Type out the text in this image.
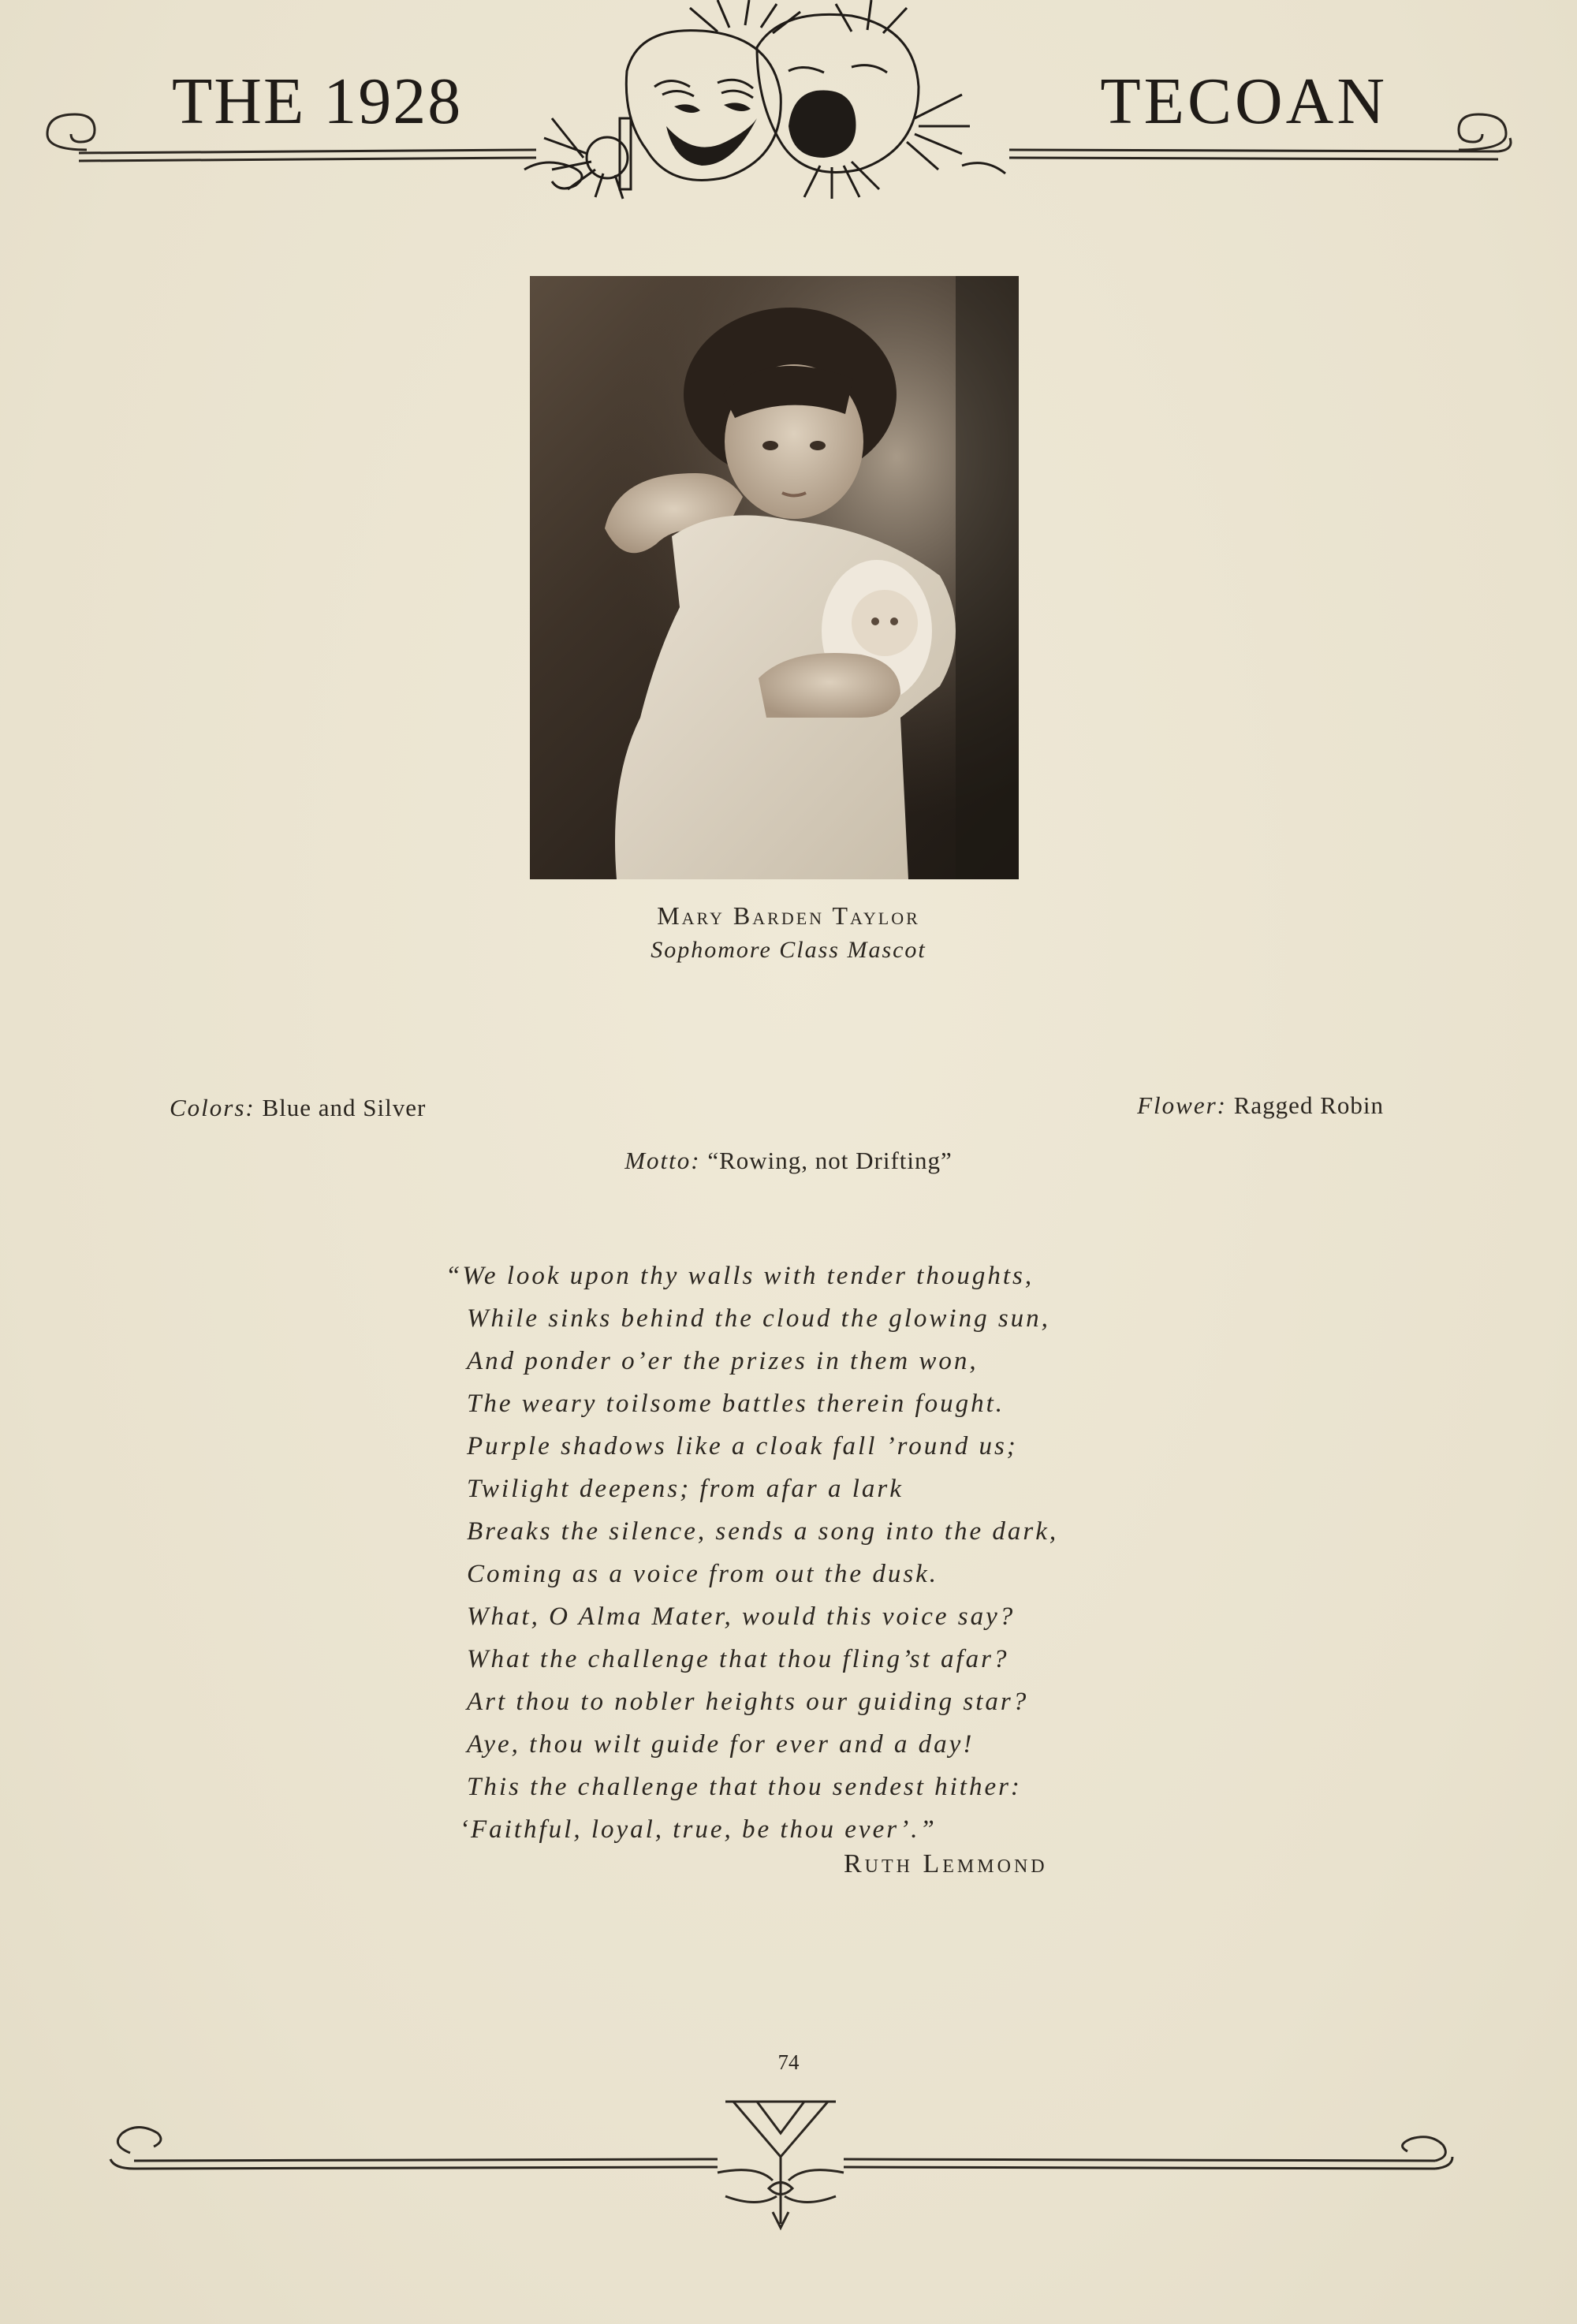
THE 1928	TECOAN
Mary Barden Taylor
Sophomore Class Mascot
Colors: Blue and Silver	Flower: Ragged Robin
Motto: “Rowing, not Drifting”
“We look upon thy walls with tender thoughts,
While sinks behind the cloud the glowing sun,
And ponder o’er the prizes in them won,
The weary toilsome battles therein fought.
Purple shadows like a cloak fall ’round us;
Twilight deepens; from afar a lark
Breaks the silence, sends a song into the dark,
Coming as a voice from out the dusk.
What, O Alma Mater, would this voice say?
What the challenge that thou fling’st afar?
Art thou to nobler heights our guiding star?
Aye, thou wilt guide for ever and a day!
This the challenge that thou sendest hither:
‘Faithful, loyal, true, be thou ever’.”
Ruth Lemmond
74
